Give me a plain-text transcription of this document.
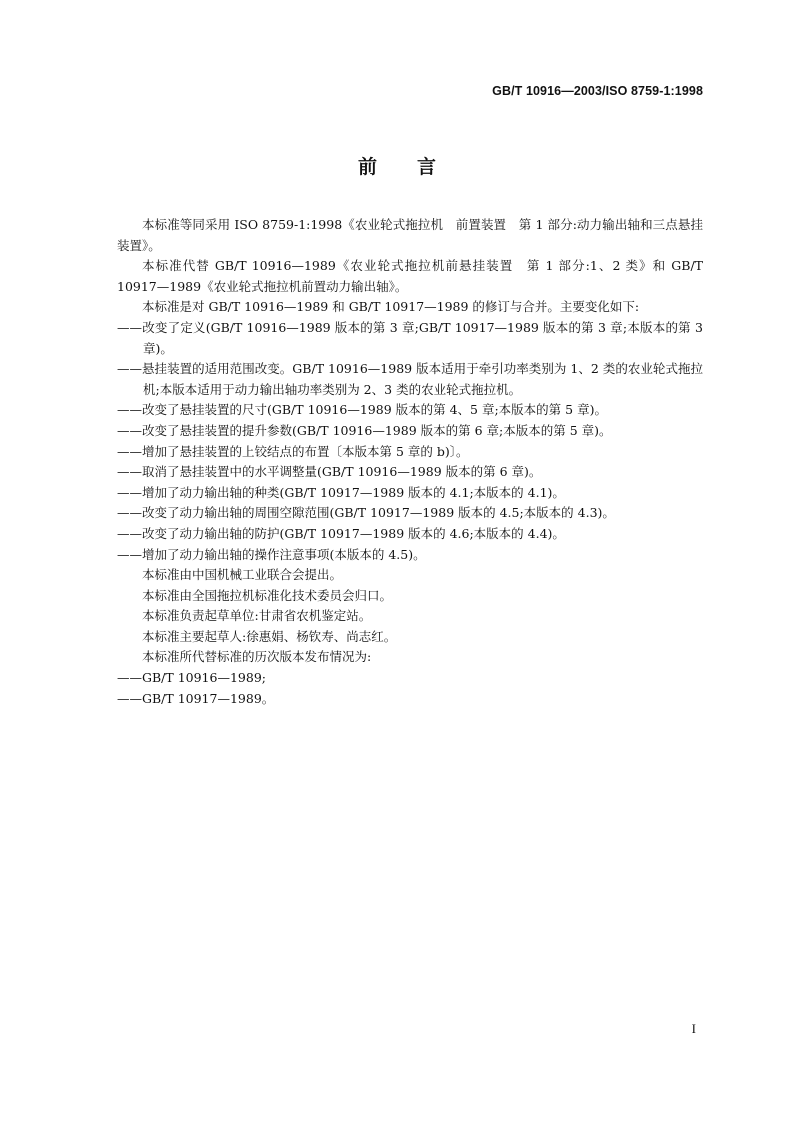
GB/T 10916—2003/ISO 8759-1:1998
前言

本标准等同采用 ISO 8759-1:1998《农业轮式拖拉机　前置装置　第 1 部分:动力输出轴和三点悬挂装置》。

本标准代替 GB/T 10916—1989《农业轮式拖拉机前悬挂装置　第 1 部分:1、2 类》和 GB/T 10917—1989《农业轮式拖拉机前置动力输出轴》。

本标准是对 GB/T 10916—1989 和 GB/T 10917—1989 的修订与合并。主要变化如下:

——改变了定义(GB/T 10916—1989 版本的第 3 章;GB/T 10917—1989 版本的第 3 章;本版本的第 3 章)。

——悬挂装置的适用范围改变。GB/T 10916—1989 版本适用于牵引功率类别为 1、2 类的农业轮式拖拉机;本版本适用于动力输出轴功率类别为 2、3 类的农业轮式拖拉机。

——改变了悬挂装置的尺寸(GB/T 10916—1989 版本的第 4、5 章;本版本的第 5 章)。

——改变了悬挂装置的提升参数(GB/T 10916—1989 版本的第 6 章;本版本的第 5 章)。

——增加了悬挂装置的上铰结点的布置〔本版本第 5 章的 b)〕。

——取消了悬挂装置中的水平调整量(GB/T 10916—1989 版本的第 6 章)。

——增加了动力输出轴的种类(GB/T 10917—1989 版本的 4.1;本版本的 4.1)。

——改变了动力输出轴的周围空隙范围(GB/T 10917—1989 版本的 4.5;本版本的 4.3)。

——改变了动力输出轴的防护(GB/T 10917—1989 版本的 4.6;本版本的 4.4)。

——增加了动力输出轴的操作注意事项(本版本的 4.5)。

本标准由中国机械工业联合会提出。

本标准由全国拖拉机标准化技术委员会归口。

本标准负责起草单位:甘肃省农机鉴定站。

本标准主要起草人:徐惠娟、杨钦寿、尚志红。

本标准所代替标准的历次版本发布情况为:

——GB/T 10916—1989;

——GB/T 10917—1989。

I
